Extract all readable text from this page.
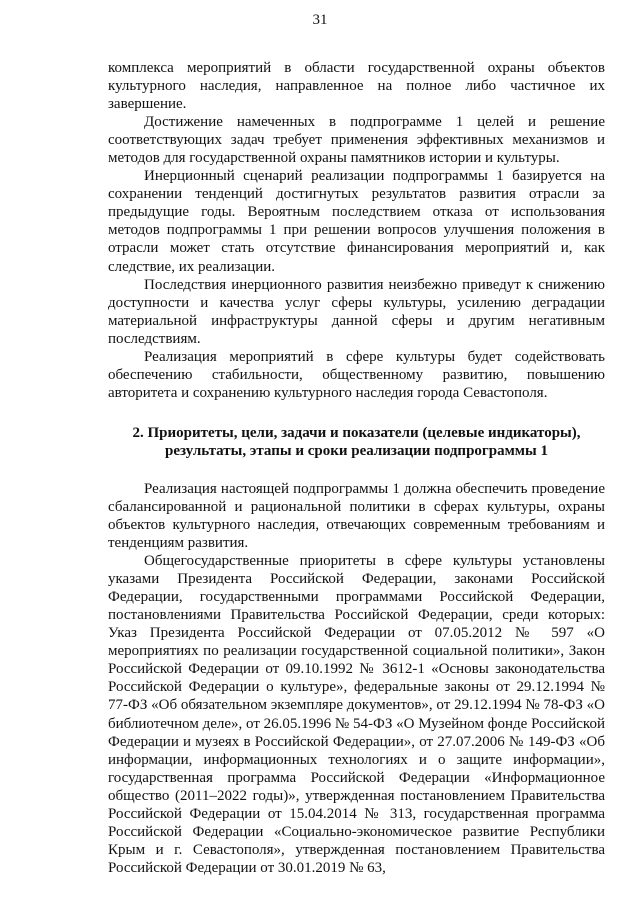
31

комплекса мероприятий в области государственной охраны объектов культурного наследия, направленное на полное либо частичное их завершение.

Достижение намеченных в подпрограмме 1 целей и решение соответствующих задач требует применения эффективных механизмов и методов для государственной охраны памятников истории и культуры.

Инерционный сценарий реализации подпрограммы 1 базируется на сохранении тенденций достигнутых результатов развития отрасли за предыдущие годы. Вероятным последствием отказа от использования методов подпрограммы 1 при решении вопросов улучшения положения в отрасли может стать отсутствие финансирования мероприятий и, как следствие, их реализации.

Последствия инерционного развития неизбежно приведут к снижению доступности и качества услуг сферы культуры, усилению деградации материальной инфраструктуры данной сферы и другим негативным последствиям.

Реализация мероприятий в сфере культуры будет содействовать обеспечению стабильности, общественному развитию, повышению авторитета и сохранению культурного наследия города Севастополя.

2. Приоритеты, цели, задачи и показатели (целевые индикаторы),
результаты, этапы и сроки реализации подпрограммы 1

Реализация настоящей подпрограммы 1 должна обеспечить проведение сбалансированной и рациональной политики в сферах культуры, охраны объектов культурного наследия, отвечающих современным требованиям и тенденциям развития.

Общегосударственные приоритеты в сфере культуры установлены указами Президента Российской Федерации, законами Российской Федерации, государственными программами Российской Федерации, постановлениями Правительства Российской Федерации, среди которых: Указ Президента Российской Федерации от 07.05.2012 № 597 «О мероприятиях по реализации государственной социальной политики», Закон Российской Федерации от 09.10.1992 № 3612-1 «Основы законодательства Российской Федерации о культуре», федеральные законы от 29.12.1994 № 77-ФЗ «Об обязательном экземпляре документов», от 29.12.1994 № 78-ФЗ «О библиотечном деле», от 26.05.1996 № 54-ФЗ «О Музейном фонде Российской Федерации и музеях в Российской Федерации», от 27.07.2006 № 149-ФЗ «Об информации, информационных технологиях и о защите информации», государственная программа Российской Федерации «Информационное общество (2011–2022 годы)», утвержденная постановлением Правительства Российской Федерации от 15.04.2014 № 313, государственная программа Российской Федерации «Социально-экономическое развитие Республики Крым и г. Севастополя», утвержденная постановлением Правительства Российской Федерации от 30.01.2019 № 63,
